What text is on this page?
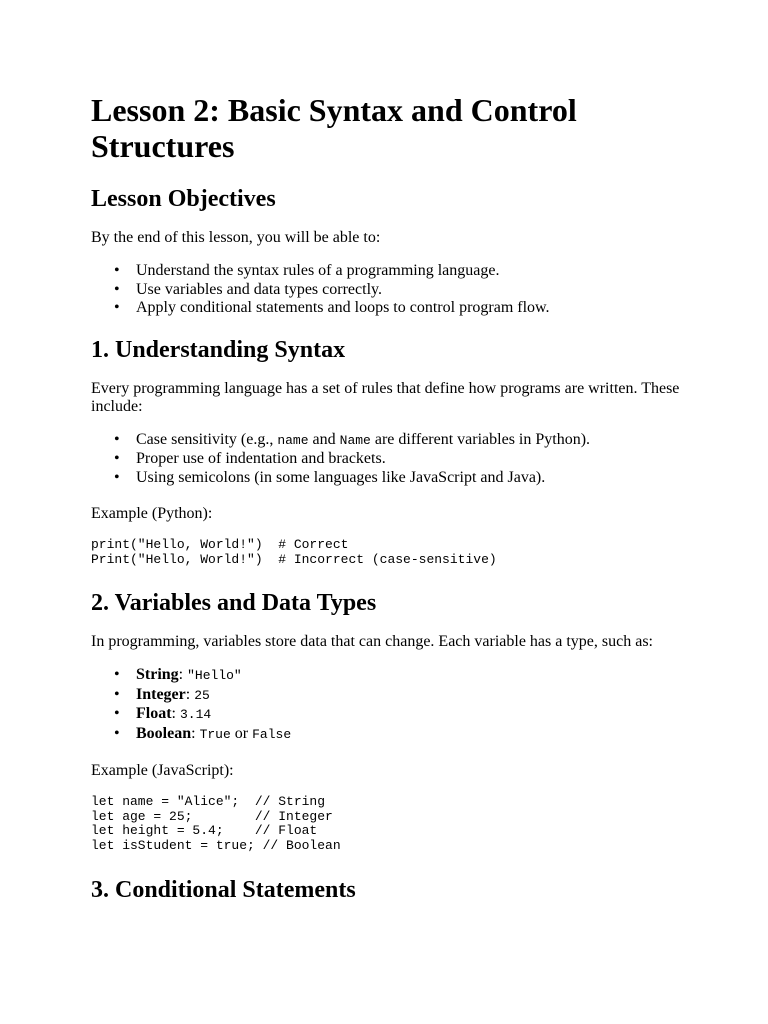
Lesson 2: Basic Syntax and Control Structures
Lesson Objectives

By the end of this lesson, you will be able to:

• Understand the syntax rules of a programming language.
• Use variables and data types correctly.
• Apply conditional statements and loops to control program flow.
1. Understanding Syntax

Every programming language has a set of rules that define how programs are written. These include:

• Case sensitivity (e.g., name and Name are different variables in Python).
• Proper use of indentation and brackets.
• Using semicolons (in some languages like JavaScript and Java).

Example (Python):

print("Hello, World!")  # Correct
Print("Hello, World!")  # Incorrect (case-sensitive)
2. Variables and Data Types

In programming, variables store data that can change. Each variable has a type, such as:

• String: "Hello"
• Integer: 25
• Float: 3.14
• Boolean: True or False

Example (JavaScript):

let name = "Alice";  // String
let age = 25;        // Integer
let height = 5.4;    // Float
let isStudent = true; // Boolean
3. Conditional Statements
